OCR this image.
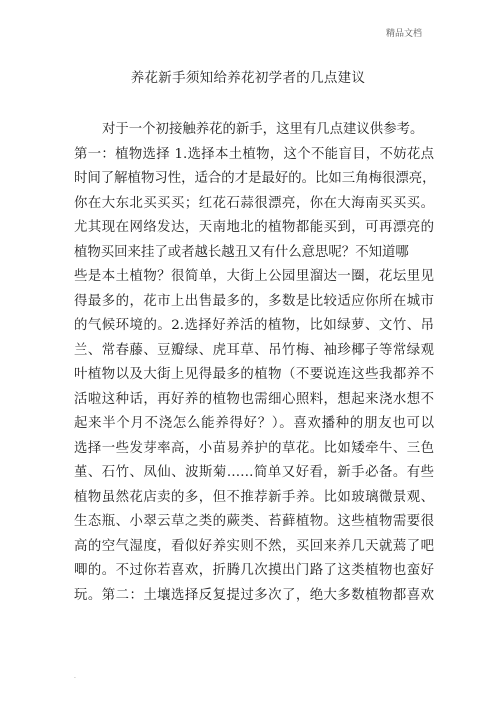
精品文档
养花新手须知给养花初学者的几点建议
对于一个初接触养花的新手，这里有几点建议供参考。
第一：植物选择 1.选择本土植物，这个不能盲目，不妨花点
时间了解植物习性，适合的才是最好的。比如三角梅很漂亮，
你在大东北买买买；红花石蒜很漂亮，你在大海南买买买。
尤其现在网络发达，天南地北的植物都能买到，可再漂亮的
植物买回来挂了或者越长越丑又有什么意思呢？不知道哪
些是本土植物？很简单，大街上公园里溜达一圈，花坛里见
得最多的，花市上出售最多的，多数是比较适应你所在城市
的气候环境的。2.选择好养活的植物，比如绿萝、文竹、吊
兰、常春藤、豆瓣绿、虎耳草、吊竹梅、袖珍椰子等常绿观
叶植物以及大街上见得最多的植物（不要说连这些我都养不
活啦这种话，再好养的植物也需细心照料，想起来浇水想不
起来半个月不浇怎么能养得好？）。喜欢播种的朋友也可以
选择一些发芽率高，小苗易养护的草花。比如矮牵牛、三色
堇、石竹、凤仙、波斯菊……简单又好看，新手必备。有些
植物虽然花店卖的多，但不推荐新手养。比如玻璃微景观、
生态瓶、小翠云草之类的蕨类、苔藓植物。这些植物需要很
高的空气湿度，看似好养实则不然，买回来养几天就蔫了吧
唧的。不过你若喜欢，折腾几次摸出门路了这类植物也蛮好
玩。第二：土壤选择反复提过多次了，绝大多数植物都喜欢
.
